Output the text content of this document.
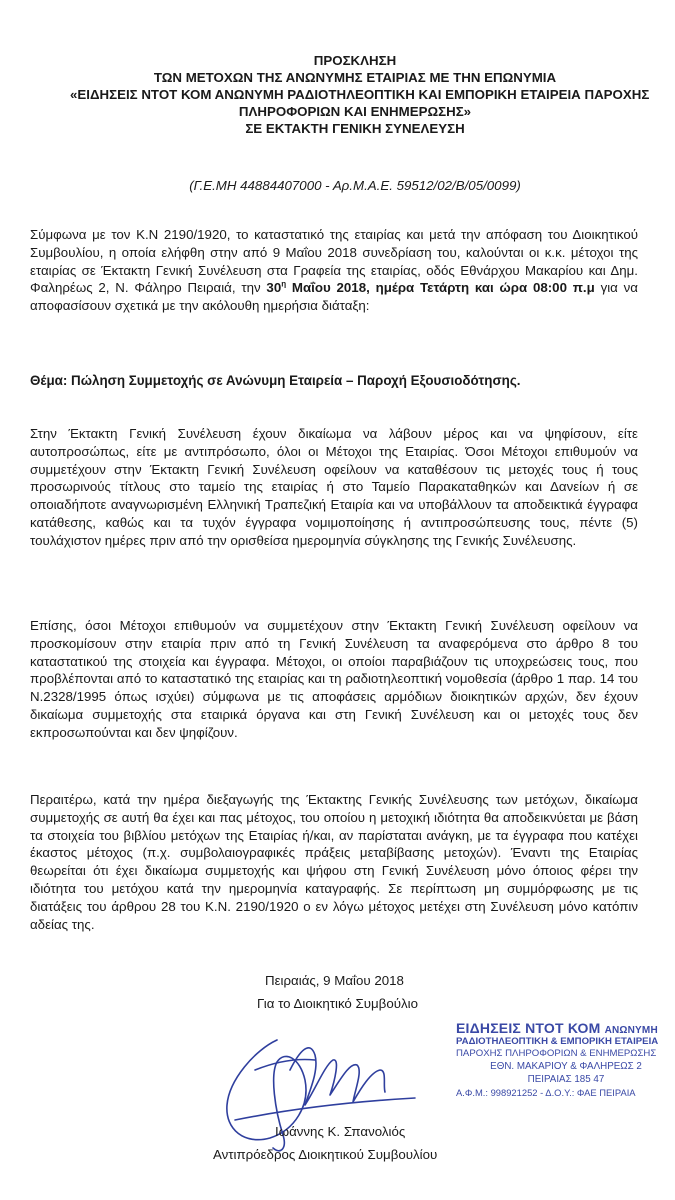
ΠΡΟΣΚΛΗΣΗ
ΤΩΝ ΜΕΤΟΧΩΝ ΤΗΣ ΑΝΩΝΥΜΗΣ ΕΤΑΙΡΙΑΣ ΜΕ ΤΗΝ ΕΠΩΝΥΜΙΑ
«ΕΙΔΗΣΕΙΣ ΝΤΟΤ ΚΟΜ ΑΝΩΝΥΜΗ ΡΑΔΙΟΤΗΛΕΟΠΤΙΚΗ ΚΑΙ ΕΜΠΟΡΙΚΗ ΕΤΑΙΡΕΙΑ ΠΑΡΟΧΗΣ
ΠΛΗΡΟΦΟΡΙΩΝ ΚΑΙ ΕΝΗΜΕΡΩΣΗΣ»
ΣΕ ΕΚΤΑΚΤΗ ΓΕΝΙΚΗ ΣΥΝΕΛΕΥΣΗ
(Γ.Ε.ΜΗ 44884407000 - Αρ.Μ.Α.Ε. 59512/02/Β/05/0099)

Σύμφωνα με τον Κ.Ν 2190/1920, το καταστατικό της εταιρίας και μετά την απόφαση του Διοικητικού Συμβουλίου, η οποία ελήφθη στην από 9 Μαΐου 2018 συνεδρίαση του, καλούνται οι κ.κ. μέτοχοι της εταιρίας σε Έκτακτη Γενική Συνέλευση στα Γραφεία της εταιρίας, οδός Εθνάρχου Μακαρίου και Δημ. Φαληρέως 2, Ν. Φάληρο Πειραιά, την $30^\eta$ Μαΐου 2018, ημέρα Τετάρτη και ώρα 08:00 π.μ για να αποφασίσουν σχετικά με την ακόλουθη ημερήσια διάταξη:

Θέμα: Πώληση Συμμετοχής σε Ανώνυμη Εταιρεία – Παροχή Εξουσιοδότησης.

Στην Έκτακτη Γενική Συνέλευση έχουν δικαίωμα να λάβουν μέρος και να ψηφίσουν, είτε αυτοπροσώπως, είτε με αντιπρόσωπο, όλοι οι Μέτοχοι της Εταιρίας. Όσοι Μέτοχοι επιθυμούν να συμμετέχουν στην Έκτακτη Γενική Συνέλευση οφείλουν να καταθέσουν τις μετοχές τους ή τους προσωρινούς τίτλους στο ταμείο της εταιρίας ή στο Ταμείο Παρακαταθηκών και Δανείων ή σε οποιαδήποτε αναγνωρισμένη Ελληνική Τραπεζική Εταιρία και να υποβάλλουν τα αποδεικτικά έγγραφα κατάθεσης, καθώς και τα τυχόν έγγραφα νομιμοποίησης ή αντιπροσώπευσης τους, πέντε (5) τουλάχιστον ημέρες πριν από την ορισθείσα ημερομηνία σύγκλησης της Γενικής Συνέλευσης.

Επίσης, όσοι Μέτοχοι επιθυμούν να συμμετέχουν στην Έκτακτη Γενική Συνέλευση οφείλουν να προσκομίσουν στην εταιρία πριν από τη Γενική Συνέλευση τα αναφερόμενα στο άρθρο 8 του καταστατικού της στοιχεία και έγγραφα. Μέτοχοι, οι οποίοι παραβιάζουν τις υποχρεώσεις τους, που προβλέπονται από το καταστατικό της εταιρίας και τη ραδιοτηλεοπτική νομοθεσία (άρθρο 1 παρ. 14 του Ν.2328/1995 όπως ισχύει) σύμφωνα με τις αποφάσεις αρμόδιων διοικητικών αρχών, δεν έχουν δικαίωμα συμμετοχής στα εταιρικά όργανα και στη Γενική Συνέλευση και οι μετοχές τους δεν εκπροσωπούνται και δεν ψηφίζουν.

Περαιτέρω, κατά την ημέρα διεξαγωγής της Έκτακτης Γενικής Συνέλευσης των μετόχων, δικαίωμα συμμετοχής σε αυτή θα έχει και πας μέτοχος, του οποίου η μετοχική ιδιότητα θα αποδεικνύεται με βάση τα στοιχεία του βιβλίου μετόχων της Εταιρίας ή/και, αν παρίσταται ανάγκη, με τα έγγραφα που κατέχει έκαστος μέτοχος (π.χ. συμβολαιογραφικές πράξεις μεταβίβασης μετοχών). Έναντι της Εταιρίας θεωρείται ότι έχει δικαίωμα συμμετοχής και ψήφου στη Γενική Συνέλευση μόνο όποιος φέρει την ιδιότητα του μετόχου κατά την ημερομηνία καταγραφής. Σε περίπτωση μη συμμόρφωσης με τις διατάξεις του άρθρου 28 του Κ.Ν. 2190/1920 ο εν λόγω μέτοχος μετέχει στη Συνέλευση μόνο κατόπιν αδείας της.

Πειραιάς, 9 Μαΐου 2018
Για το Διοικητικό Συμβούλιο
ΕΙΔΗΣΕΙΣ ΝΤΟΤ ΚΟΜ ΑΝΩΝΥΜΗ
ΡΑΔΙΟΤΗΛΕΟΠΤΙΚΗ & ΕΜΠΟΡΙΚΗ ΕΤΑΙΡΕΙΑ
ΠΑΡΟΧΗΣ ΠΛΗΡΟΦΟΡΙΩΝ & ΕΝΗΜΕΡΩΣΗΣ
ΕΘΝ. ΜΑΚΑΡΙΟΥ & ΦΑΛΗΡΕΩΣ 2
ΠΕΙΡΑΙΑΣ 185 47
Α.Φ.Μ.: 998921252 - Δ.Ο.Υ.: ΦΑΕ ΠΕΙΡΑΙΑ
Ιωάννης Κ. Σπανολιός
Αντιπρόεδρος Διοικητικού Συμβουλίου
